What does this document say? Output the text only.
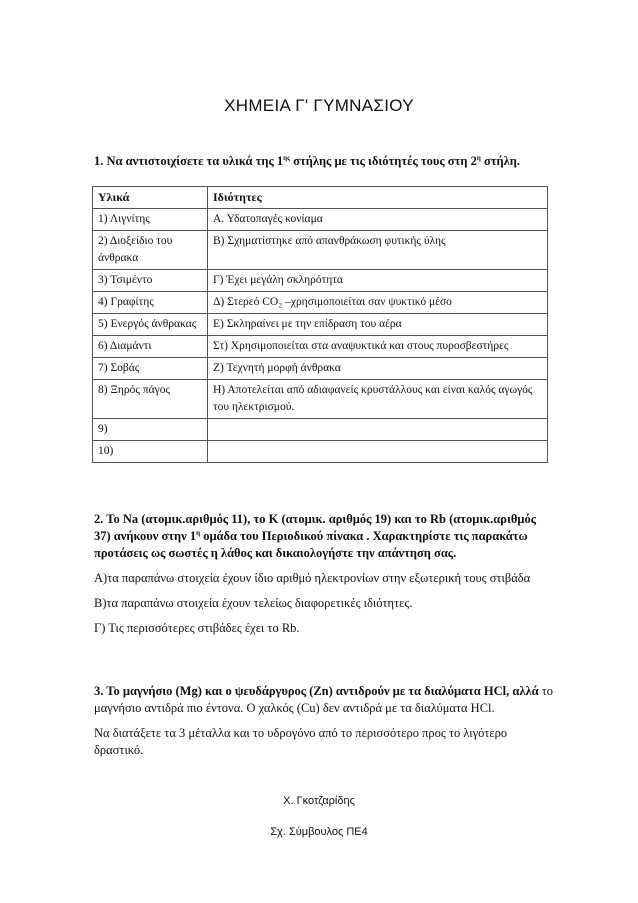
ΧΗΜΕΙΑ Γ' ΓΥΜΝΑΣΙΟΥ
1. Να αντιστοιχίσετε τα υλικά της $1^{\eta\varsigma}$ στήλης με τις ιδιότητές τους στη $2^\eta$ στήλη.
Υλικά	Ιδιότητες
1) Λιγνίτης	Α. Υδατοπαγές κονίαμα
2) Διοξείδιο του άνθρακα	Β) Σχηματίστηκε από απανθράκωση φυτικής ύλης
3) Τσιμέντο	Γ) Έχει μεγάλη σκληρότητα
4) Γραφίτης	Δ) Στερεό CO₂ –χρησιμοποιείται σαν ψυκτικό μέσο
5) Ενεργός άνθρακας	Ε) Σκληραίνει με την επίδραση του αέρα
6) Διαμάντι	Στ) Χρησιμοποιείται στα αναψυκτικά και στους πυροσβεστήρες
7) Σοβάς	Ζ) Τεχνητή μορφή άνθρακα
8) Ξηρός πάγος	Η) Αποτελείται από αδιαφανείς κρυστάλλους και είναι καλός αγωγός του ηλεκτρισμού.
9)	
10)	

2. Το Na (ατομικ.αριθμός 11), το Κ (ατομικ. αριθμός 19) και το Rb (ατομικ.αριθμός 37) ανήκουν στην $1^\eta$ ομάδα του Περιοδικού πίνακα . Χαρακτηρίστε τις παρακάτω προτάσεις ως σωστές η λάθος και δικαιολογήστε την απάντηση σας.

Α)τα παραπάνω στοιχεία έχουν ίδιο αριθμό ηλεκτρονίων στην εξωτερική τους στιβάδα

Β)τα παραπάνω στοιχεία έχουν τελείως διαφορετικές ιδιότητες.

Γ) Τις περισσότερες στιβάδες έχει το Rb.

3. Το μαγνήσιο (Mg) και ο ψευδάργυρος (Zn) αντιδρούν με τα διαλύματα HCl, αλλά το μαγνήσιο αντιδρά πιο έντονα. Ο χαλκός (Cu) δεν αντιδρά με τα διαλύματα HCl.

Να διατάξετε τα 3 μέταλλα και το υδρογόνο από το περισσότερο προς το λιγότερο δραστικό.

Χ. Γκοτζαρίδης
Σχ. Σύμβουλος ΠΕ4
